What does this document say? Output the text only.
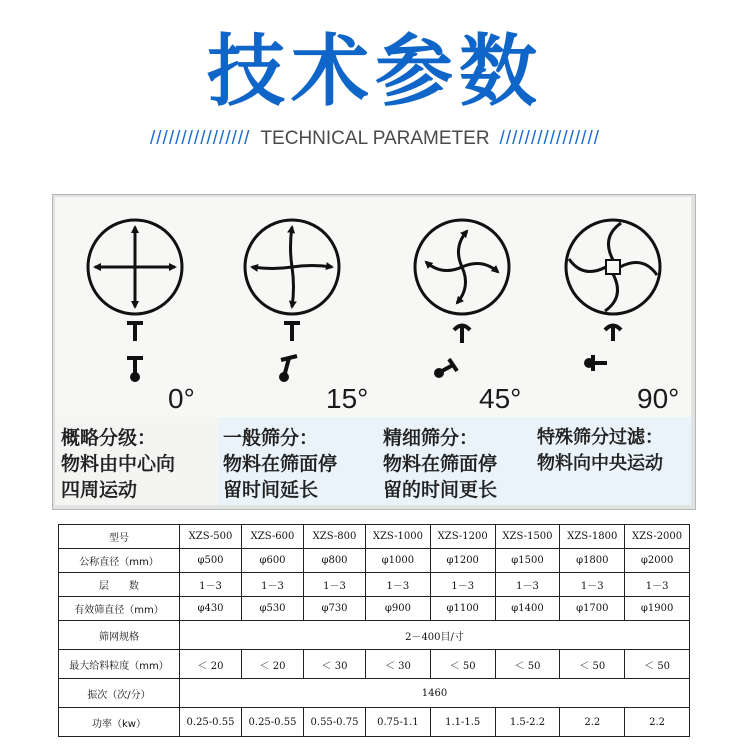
技术参数
//////////////// TECHNICAL PARAMETER ////////////////
0°	15°	45°	90°
概略分级：
物料由中心向
四周运动
一般筛分：
物料在筛面停
留时间延长
精细筛分：
物料在筛面停
留的时间更长
特殊筛分过滤：
物料向中央运动
型号	XZS-500	XZS-600	XZS-800	XZS-1000	XZS-1200	XZS-1500	XZS-1800	XZS-2000
公称直径（mm）	φ500	φ600	φ800	φ1000	φ1200	φ1500	φ1800	φ2000
层　　数	1－3	1－3	1－3	1－3	1－3	1－3	1－3	1－3
有效筛直径（mm）	φ430	φ530	φ730	φ900	φ1100	φ1400	φ1700	φ1900
筛网规格	2－400目/寸							
最大给料粒度（mm）	＜ 20	＜ 20	＜ 30	＜ 30	＜ 50	＜ 50	＜ 50	＜ 50
振次（次/分）	1460							
功率（kw）	0.25-0.55	0.25-0.55	0.55-0.75	0.75-1.1	1.1-1.5	1.5-2.2	2.2	2.2
